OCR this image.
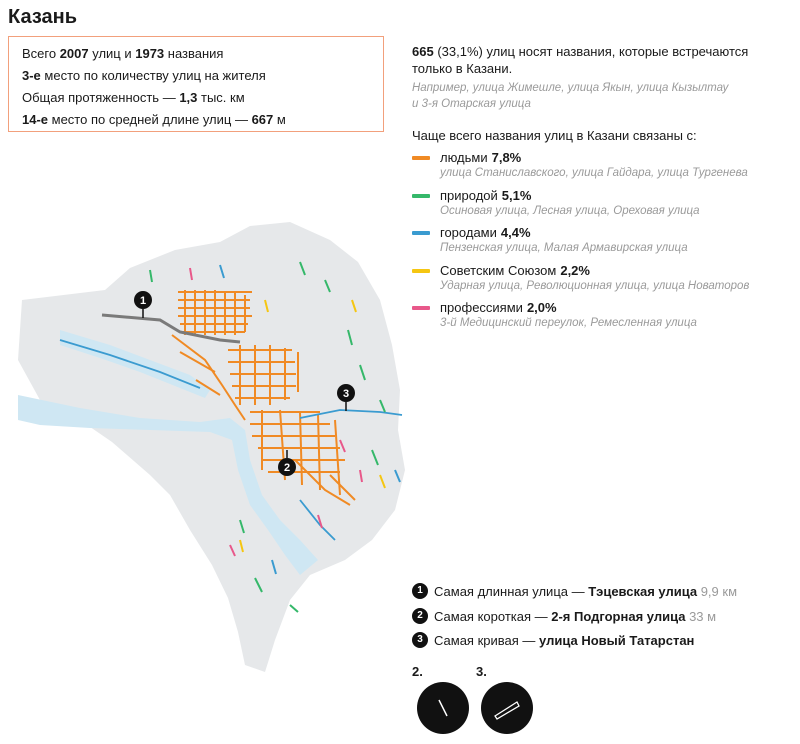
Казань
Всего 2007 улиц и 1973 названия
3-е место по количеству улиц на жителя
Общая протяженность — 1,3 тыс. км
14-е место по средней длине улиц — 667 м
665 (33,1%) улиц носят названия, которые встречаются
только в Казани.
Например, улица Жимешле, улица Якын, улица Кызылтау
и 3-я Отарская улица
Чаще всего названия улиц в Казани связаны с:
людьми 7,8%
улица Станиславского, улица Гайдара, улица Тургенева
природой 5,1%
Осиновая улица, Лесная улица, Ореховая улица
городами 4,4%
Пензенская улица, Малая Армавирская улица
Советским Союзом 2,2%
Ударная улица, Революционная улица, улица Новаторов
профессиями 2,0%
3-й Медицинский переулок, Ремесленная улица
1
2
3
1 Самая длинная улица — Тэцевская улица 9,9 км
2 Самая короткая — 2-я Подгорная улица 33 м
3 Самая кривая — улица Новый Татарстан
2.	3.
